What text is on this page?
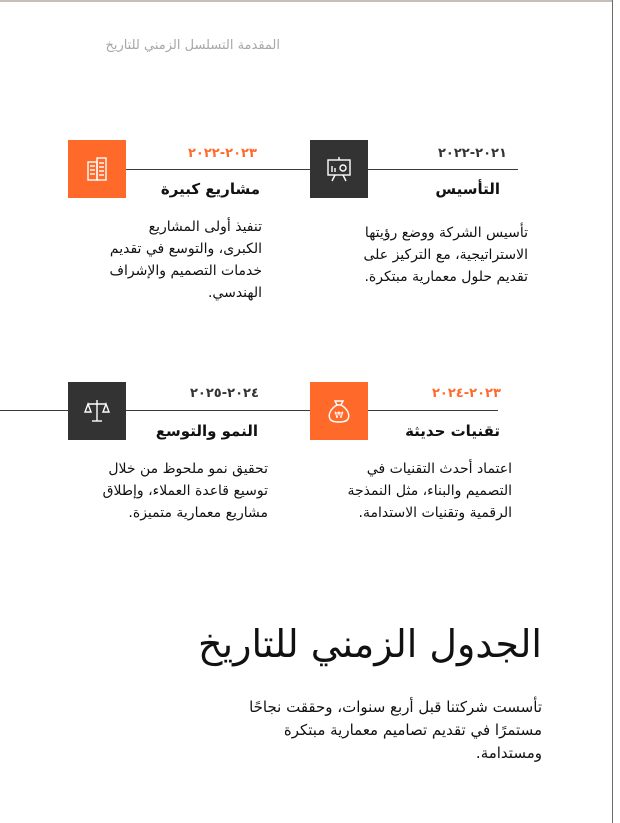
المقدمة التسلسل الزمني للتاريخ
٢٠٢١-٢٠٢٢
التأسيس
تأسيس الشركة ووضع رؤيتها الاستراتيجية، مع التركيز على تقديم حلول معمارية مبتكرة.
٢٠٢٣-٢٠٢٢
مشاريع كبيرة
تنفيذ أولى المشاريع الكبرى، والتوسع في تقديم خدمات التصميم والإشراف الهندسي.
₩
٢٠٢٣-٢٠٢٤
تقنيات حديثة
اعتماد أحدث التقنيات في التصميم والبناء، مثل النمذجة الرقمية وتقنيات الاستدامة.
٢٠٢٤-٢٠٢٥
النمو والتوسع
تحقيق نمو ملحوظ من خلال توسيع قاعدة العملاء، وإطلاق مشاريع معمارية متميزة.
الجدول الزمني للتاريخ
تأسست شركتنا قبل أربع سنوات، وحققت نجاحًا مستمرًا في تقديم تصاميم معمارية مبتكرة ومستدامة.
